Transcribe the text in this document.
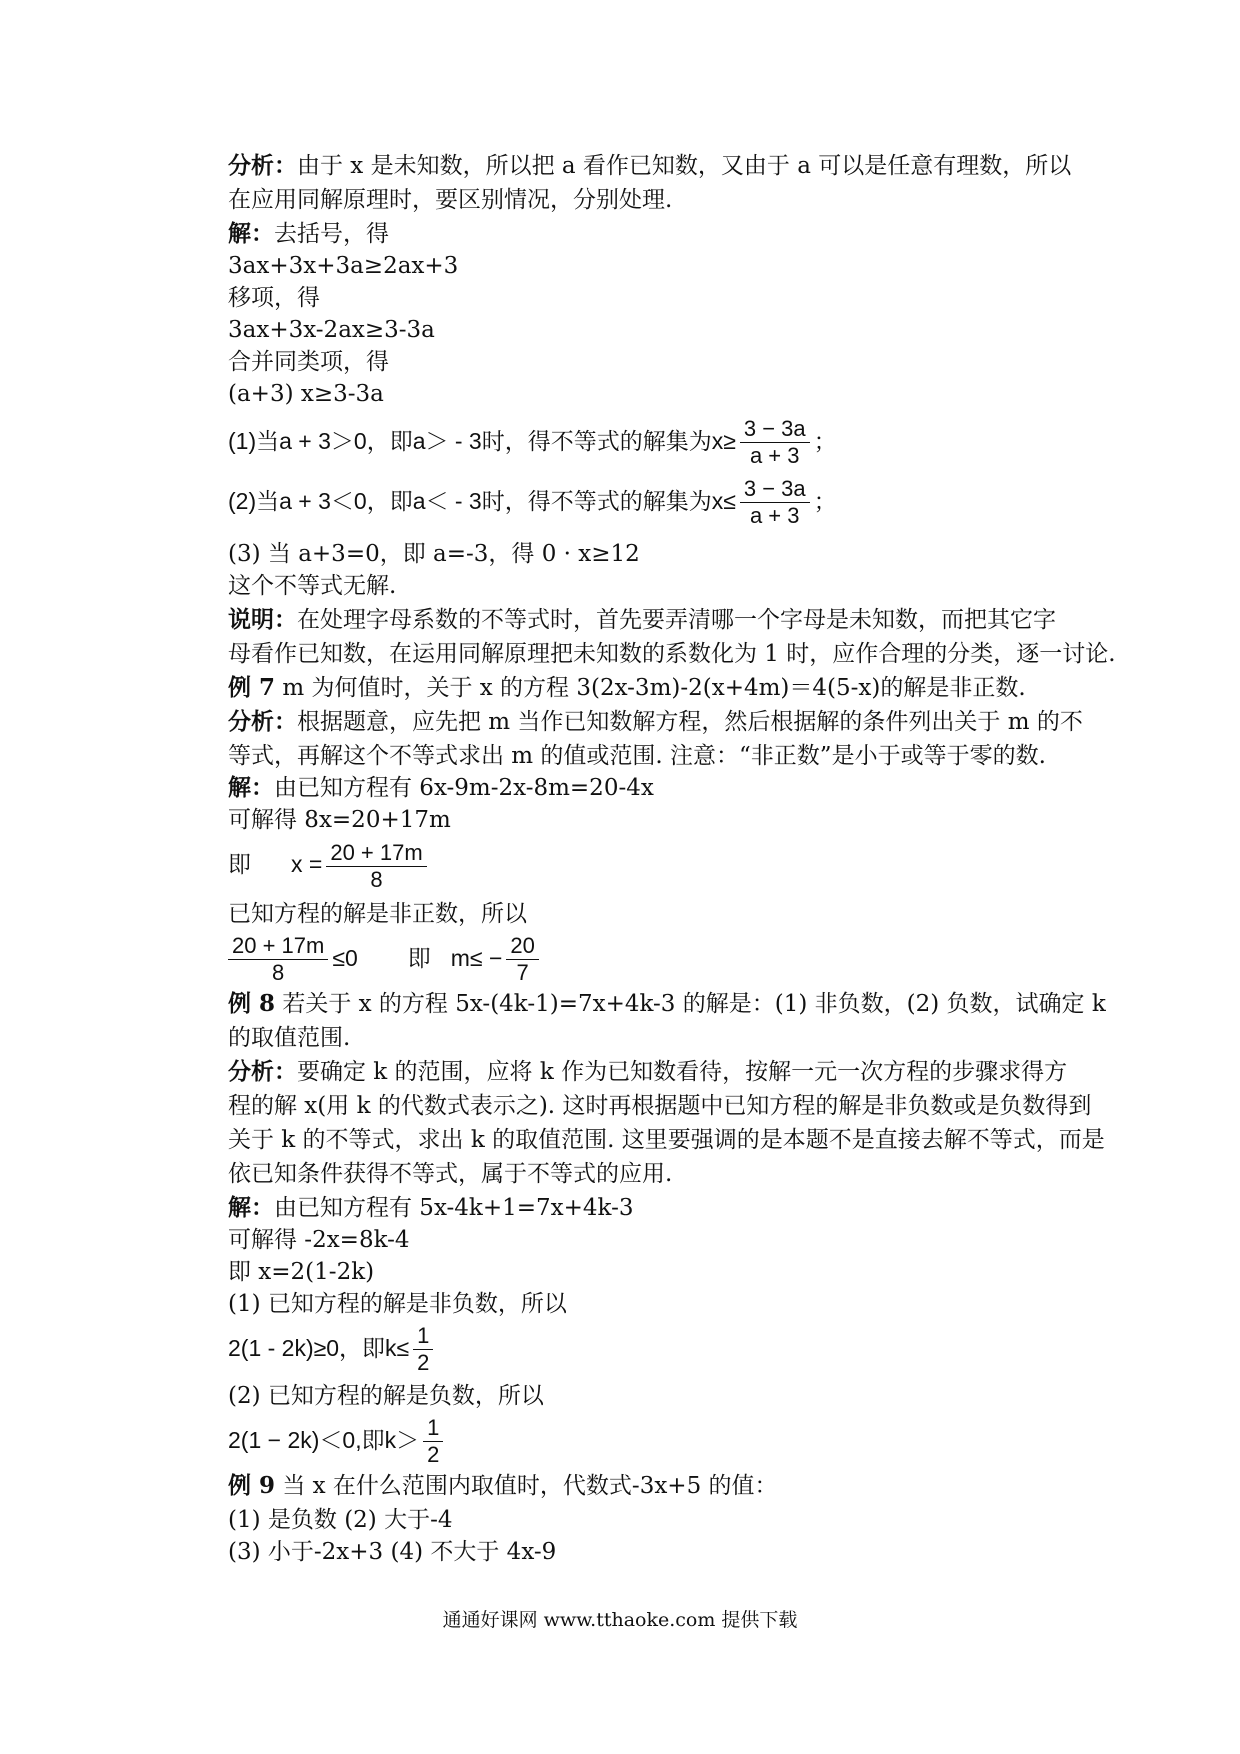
分析：由于 x 是未知数，所以把 a 看作已知数，又由于 a 可以是任意有理数，所以
在应用同解原理时，要区别情况，分别处理.
解：去括号，得
3ax+3x+3a≥2ax+3
移项，得
3ax+3x-2ax≥3-3a
合并同类项，得
(a+3) x≥3-3a
(1)当a + 3＞0，即a＞ - 3时，得不等式的解集为$x\ge \frac{3 - 3a}{a + 3}$ ；
(2)当a + 3＜0，即a＜ - 3时，得不等式的解集为$x\le \frac{3 - 3a}{a + 3}$ ；
(3) 当 a+3=0，即 a=-3，得 0 · x≥12
这个不等式无解.
说明：在处理字母系数的不等式时，首先要弄清哪一个字母是未知数，而把其它字
母看作已知数，在运用同解原理把未知数的系数化为 1 时，应作合理的分类，逐一讨论.
例 7 m 为何值时，关于 x 的方程 3(2x-3m)-2(x+4m)＝4(5-x)的解是非正数.
分析：根据题意，应先把 m 当作已知数解方程，然后根据解的条件列出关于 m 的不
等式，再解这个不等式求出 m 的值或范围. 注意：“非正数”是小于或等于零的数.
解：由已知方程有 6x-9m-2x-8m=20-4x
可解得 8x=20+17m
即 $x = \frac{20 + 17m}{8}$
已知方程的解是非正数，所以
$\frac{20 + 17m}{8} \le 0$ 即 $m\le - \frac{20}{7}$
例 8 若关于 x 的方程 5x-(4k-1)=7x+4k-3 的解是：(1) 非负数，(2) 负数，试确定 k
的取值范围.
分析：要确定 k 的范围，应将 k 作为已知数看待，按解一元一次方程的步骤求得方
程的解 x(用 k 的代数式表示之). 这时再根据题中已知方程的解是非负数或是负数得到
关于 k 的不等式，求出 k 的取值范围. 这里要强调的是本题不是直接去解不等式，而是
依已知条件获得不等式，属于不等式的应用.
解：由已知方程有 5x-4k+1=7x+4k-3
可解得 -2x=8k-4
即 x=2(1-2k)
(1) 已知方程的解是非负数，所以
2(1 - 2k)≥0，即$k\le \frac{1}{2}$
(2) 已知方程的解是负数，所以
2(1 − 2k)＜0,即$k> \frac{1}{2}$
例 9 当 x 在什么范围内取值时，代数式-3x+5 的值：
(1) 是负数 (2) 大于-4
(3) 小于-2x+3 (4) 不大于 4x-9
通通好课网 www.tthaoke.com 提供下载
